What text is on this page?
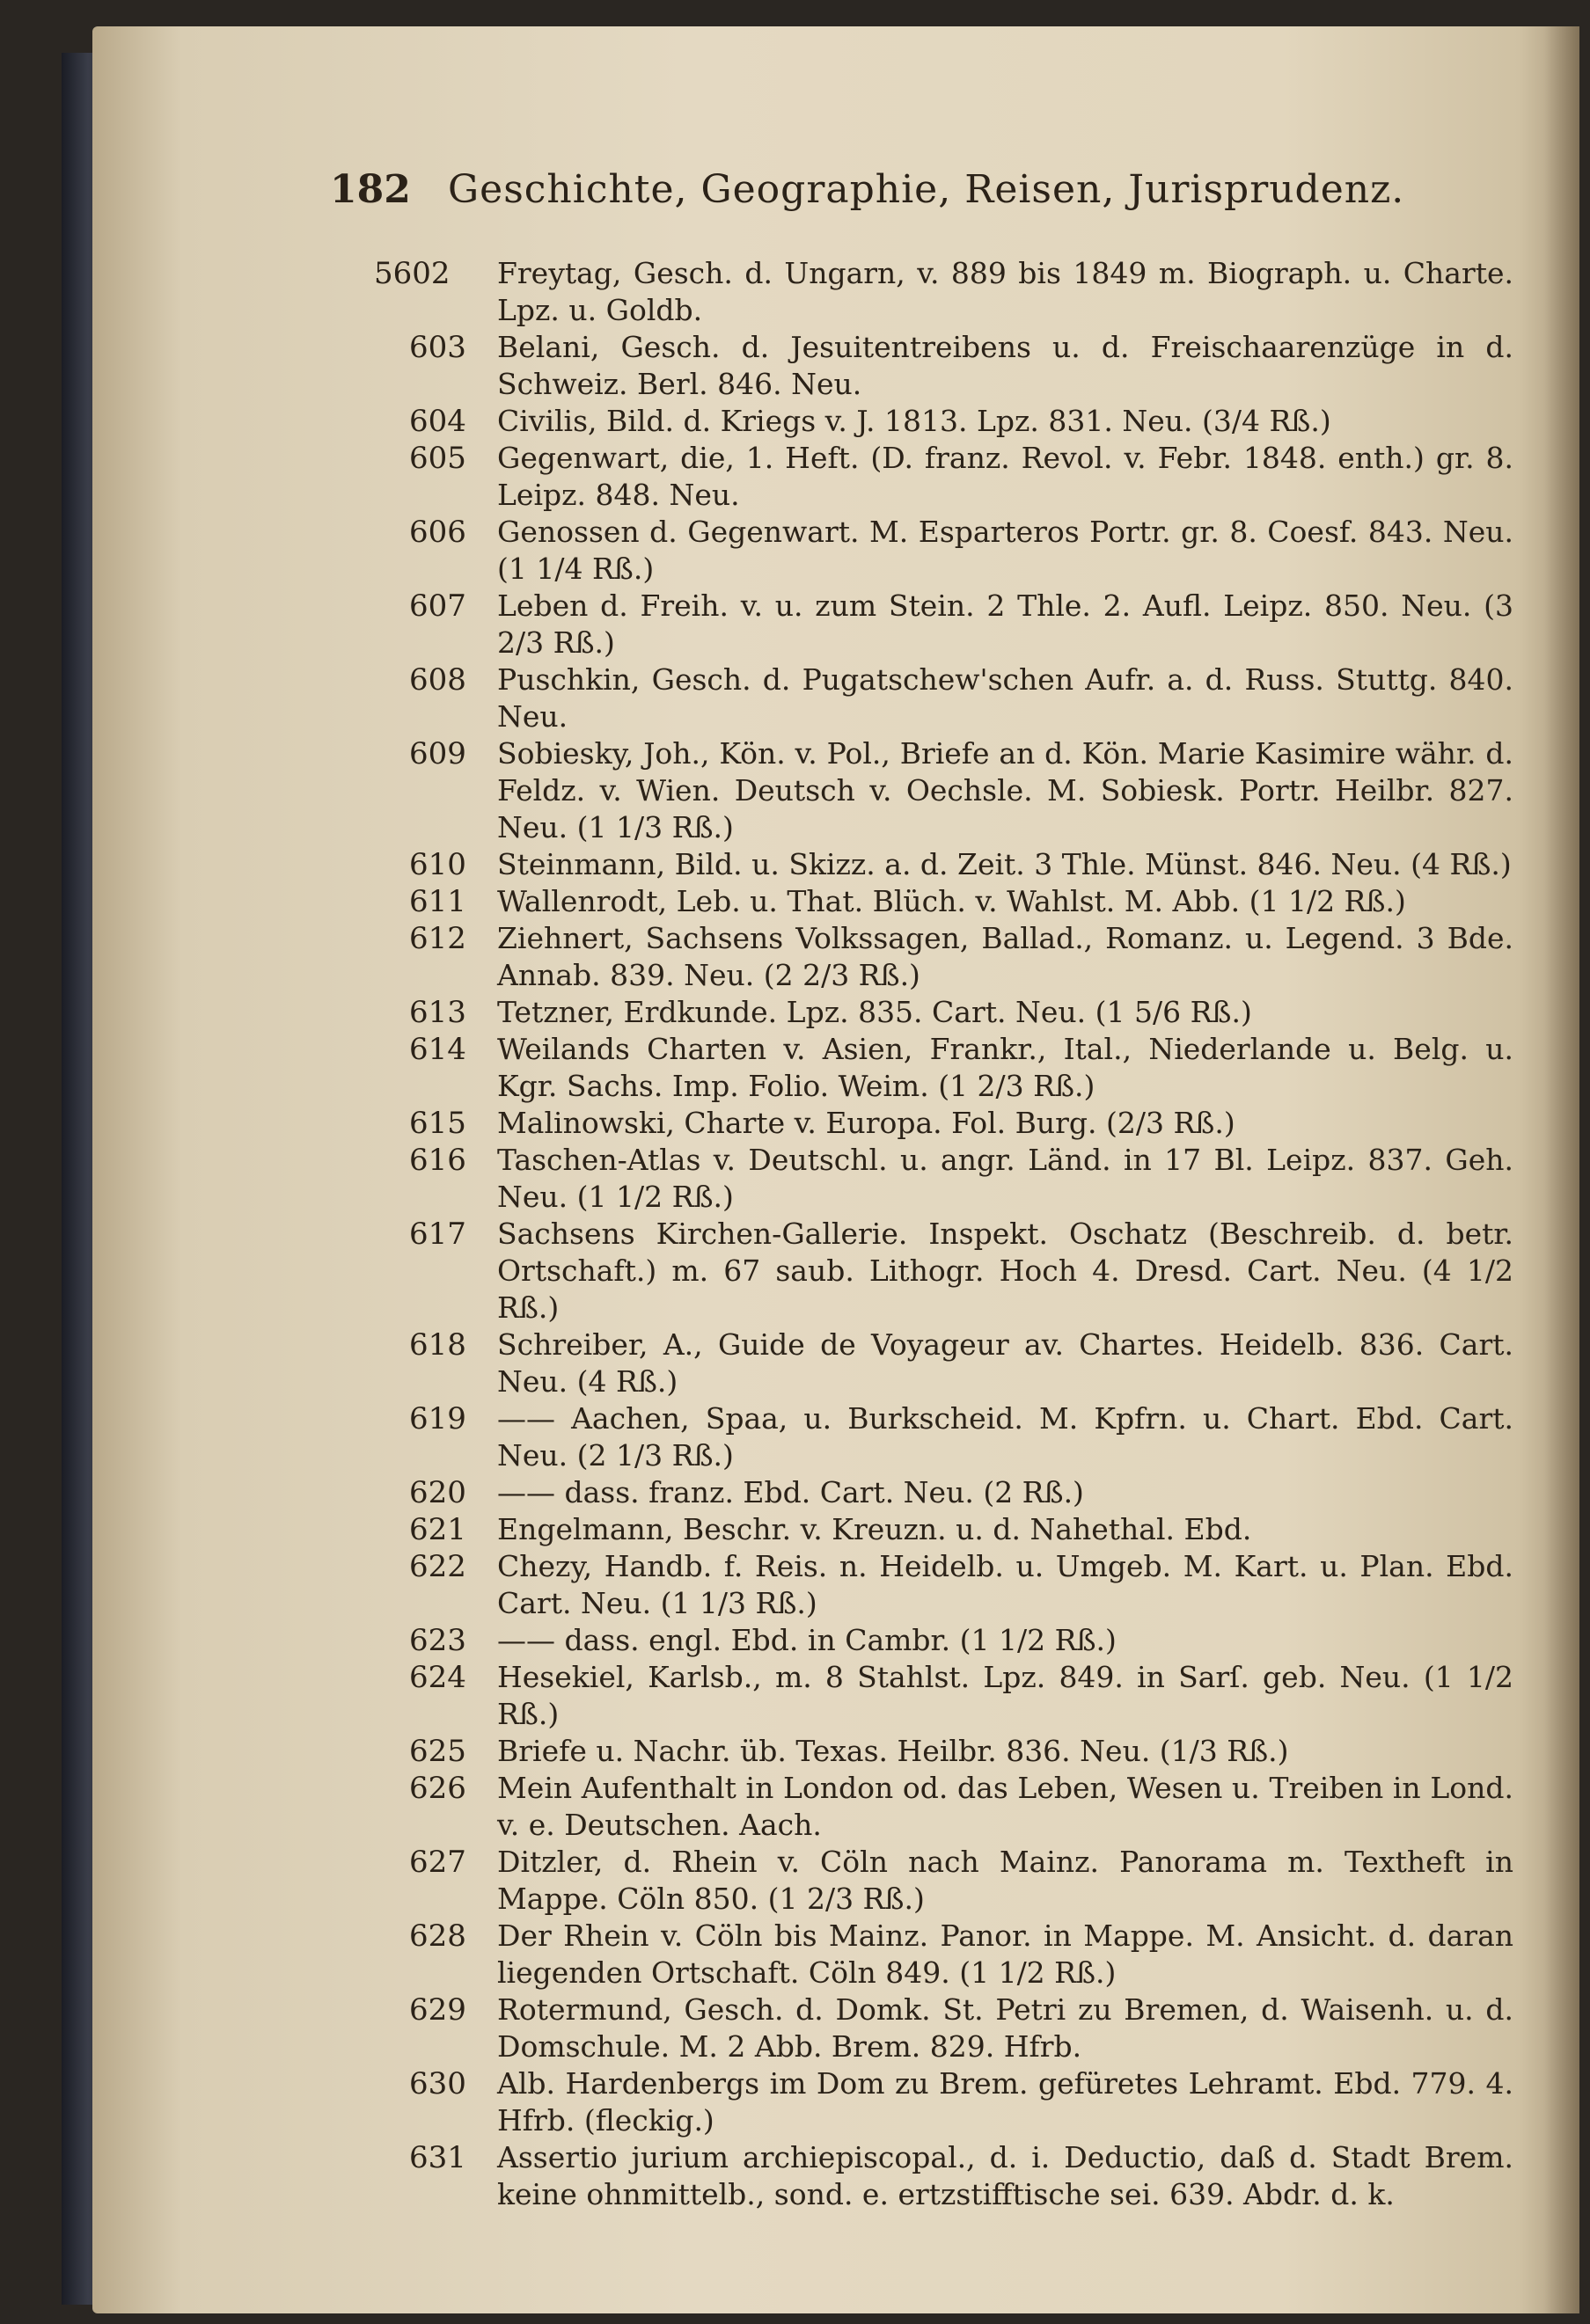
182 Geschichte, Geographie, Reisen, Jurisprudenz.
5602	Freytag, Gesch. d. Ungarn, v. 889 bis 1849 m. Biograph. u. Charte. Lpz. u. Goldb.
603	Belani, Gesch. d. Jesuitentreibens u. d. Freischaarenzüge in d. Schweiz. Berl. 846. Neu.
604	Civilis, Bild. d. Kriegs v. J. 1813. Lpz. 831. Neu. (3/4 Rß.)
605	Gegenwart, die, 1. Heft. (D. franz. Revol. v. Febr. 1848. enth.) gr. 8. Leipz. 848. Neu.
606	Genossen d. Gegenwart. M. Esparteros Portr. gr. 8. Coesf. 843. Neu. (1 1/4 Rß.)
607	Leben d. Freih. v. u. zum Stein. 2 Thle. 2. Aufl. Leipz. 850. Neu. (3 2/3 Rß.)
608	Puschkin, Gesch. d. Pugatschew'schen Aufr. a. d. Russ. Stuttg. 840. Neu.
609	Sobiesky, Joh., Kön. v. Pol., Briefe an d. Kön. Marie Kasimire währ. d. Feldz. v. Wien. Deutsch v. Oechsle. M. Sobiesk. Portr. Heilbr. 827. Neu. (1 1/3 Rß.)
610	Steinmann, Bild. u. Skizz. a. d. Zeit. 3 Thle. Münst. 846. Neu. (4 Rß.)
611	Wallenrodt, Leb. u. That. Blüch. v. Wahlst. M. Abb. (1 1/2 Rß.)
612	Ziehnert, Sachsens Volkssagen, Ballad., Romanz. u. Legend. 3 Bde. Annab. 839. Neu. (2 2/3 Rß.)
613	Tetzner, Erdkunde. Lpz. 835. Cart. Neu. (1 5/6 Rß.)
614	Weilands Charten v. Asien, Frankr., Ital., Niederlande u. Belg. u. Kgr. Sachs. Imp. Folio. Weim. (1 2/3 Rß.)
615	Malinowski, Charte v. Europa. Fol. Burg. (2/3 Rß.)
616	Taschen-Atlas v. Deutschl. u. angr. Länd. in 17 Bl. Leipz. 837. Geh. Neu. (1 1/2 Rß.)
617	Sachsens Kirchen-Gallerie. Inspekt. Oschatz (Beschreib. d. betr. Ortschaft.) m. 67 saub. Lithogr. Hoch 4. Dresd. Cart. Neu. (4 1/2 Rß.)
618	Schreiber, A., Guide de Voyageur av. Chartes. Heidelb. 836. Cart. Neu. (4 Rß.)
619	—— Aachen, Spaa, u. Burkscheid. M. Kpfrn. u. Chart. Ebd. Cart. Neu. (2 1/3 Rß.)
620	—— dass. franz. Ebd. Cart. Neu. (2 Rß.)
621	Engelmann, Beschr. v. Kreuzn. u. d. Nahethal. Ebd.
622	Chezy, Handb. f. Reis. n. Heidelb. u. Umgeb. M. Kart. u. Plan. Ebd. Cart. Neu. (1 1/3 Rß.)
623	—— dass. engl. Ebd. in Cambr. (1 1/2 Rß.)
624	Hesekiel, Karlsb., m. 8 Stahlst. Lpz. 849. in Sarſ. geb. Neu. (1 1/2 Rß.)
625	Briefe u. Nachr. üb. Texas. Heilbr. 836. Neu. (1/3 Rß.)
626	Mein Aufenthalt in London od. das Leben, Wesen u. Treiben in Lond. v. e. Deutschen. Aach.
627	Ditzler, d. Rhein v. Cöln nach Mainz. Panorama m. Textheft in Mappe. Cöln 850. (1 2/3 Rß.)
628	Der Rhein v. Cöln bis Mainz. Panor. in Mappe. M. Ansicht. d. daran liegenden Ortschaft. Cöln 849. (1 1/2 Rß.)
629	Rotermund, Gesch. d. Domk. St. Petri zu Bremen, d. Waisenh. u. d. Domschule. M. 2 Abb. Brem. 829. Hfrb.
630	Alb. Hardenbergs im Dom zu Brem. gefüretes Lehramt. Ebd. 779. 4. Hfrb. (fleckig.)
631	Assertio jurium archiepiscopal., d. i. Deductio, daß d. Stadt Brem. keine ohnmittelb., sond. e. ertzstifftische sei. 639. Abdr. d. k.
